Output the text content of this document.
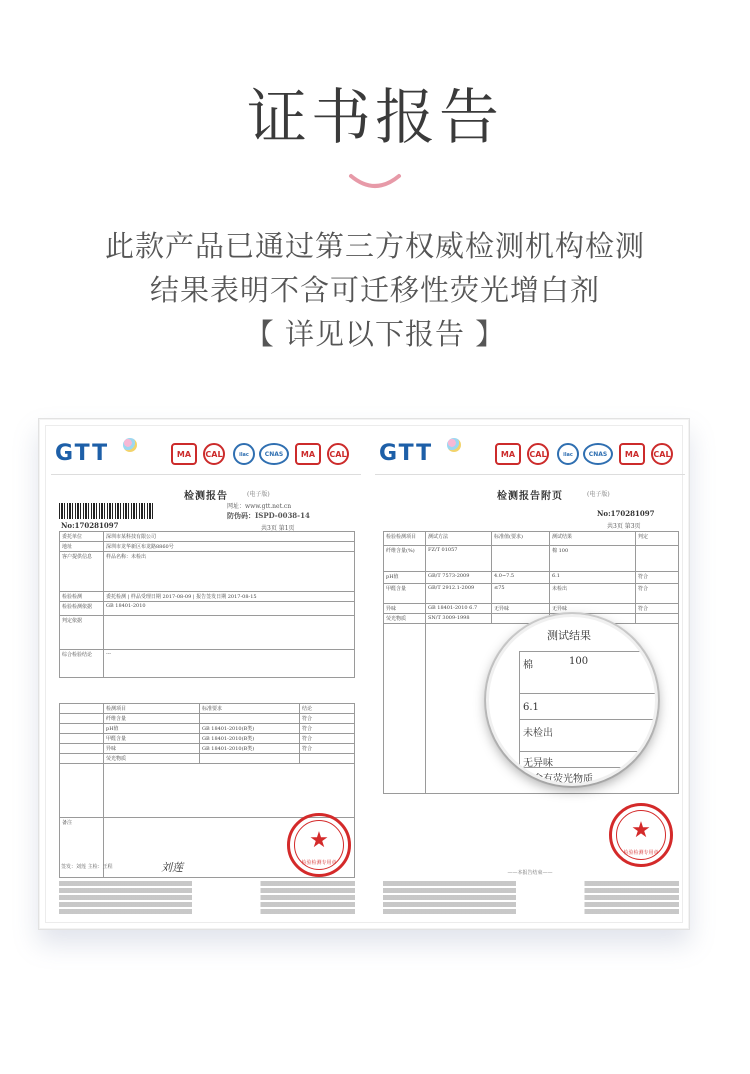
证书报告
此款产品已通过第三方权威检测机构检测
结果表明不含可迁移性荧光增白剂
【 详见以下报告 】
GTT	MA	CAL	ilac	CNAS	MA	CAL
检测报告	(电子版)
网址：www.gtt.net.cn
防伪码：ISPD-0038-14
No:170281097	共3页 第1页
委托单位	深圳市某科技有限公司
地址	深圳市龙华新区布龙路8860号
客户提供信息	样品名称：未检出
检验检测	委托检测 | 样品受理日期 2017-08-09 | 报告签发日期 2017-08-15
检验检测依据	GB 18401-2010
判定依据	
综合检验结论	---
	检测项目	标准要求	结论
	纤维含量		符合
	pH值	GB 18401-2010(B类)	符合
	甲醛含量	GB 18401-2010(B类)	符合
	异味	GB 18401-2010(B类)	符合
	荧光物质		

备注			
签发：刘莲 主检：王程	刘莲
★
检验检测专用章
GTT	MA	CAL	ilac	CNAS	MA	CAL
检测报告附页	(电子版)
No:170281097
共3页 第3页
检验检测项目	测试方法	标准值(要求)	测试结果	判定
纤维含量(%)	FZ/T 01057		棉 100	
pH值	GB/T 7573-2009	4.0~7.5	6.1	符合
甲醛含量	GB/T 2912.1-2009	≤75	未检出	符合
异味	GB 18401-2010 6.7	无异味	无异味	符合
荧光物质	SN/T 3009-1998			

——本报告结束——
★
检验检测专用章
测试结果
棉	100
6.1
未检出
无异味
不含有荧光物质
